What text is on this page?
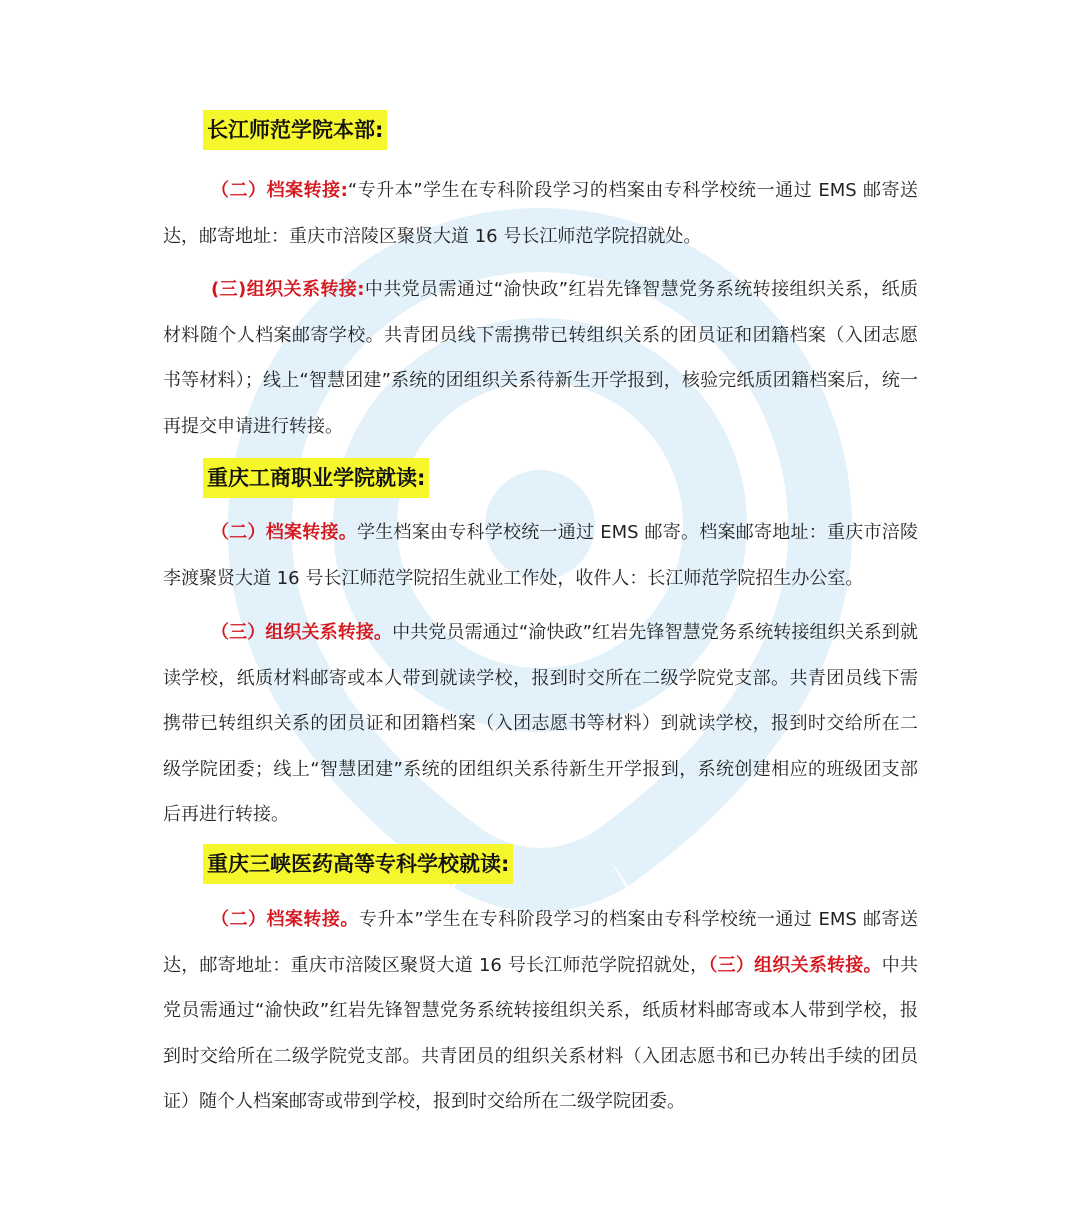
长江师范学院本部:

（二）档案转接:“专升本”学生在专科阶段学习的档案由专科学校统一通过 EMS 邮寄送达，邮寄地址：重庆市涪陵区聚贤大道 16 号长江师范学院招就处。

(三)组织关系转接:中共党员需通过“渝快政”红岩先锋智慧党务系统转接组织关系，纸质材料随个人档案邮寄学校。共青团员线下需携带已转组织关系的团员证和团籍档案（入团志愿书等材料）；线上“智慧团建”系统的团组织关系待新生开学报到，核验完纸质团籍档案后，统一再提交申请进行转接。

重庆工商职业学院就读:

（二）档案转接。学生档案由专科学校统一通过 EMS 邮寄。档案邮寄地址：重庆市涪陵李渡聚贤大道 16 号长江师范学院招生就业工作处，收件人：长江师范学院招生办公室。

（三）组织关系转接。中共党员需通过“渝快政”红岩先锋智慧党务系统转接组织关系到就读学校，纸质材料邮寄或本人带到就读学校，报到时交所在二级学院党支部。共青团员线下需携带已转组织关系的团员证和团籍档案（入团志愿书等材料）到就读学校，报到时交给所在二级学院团委；线上“智慧团建”系统的团组织关系待新生开学报到，系统创建相应的班级团支部后再进行转接。

重庆三峡医药高等专科学校就读:

（二）档案转接。专升本”学生在专科阶段学习的档案由专科学校统一通过 EMS 邮寄送达，邮寄地址：重庆市涪陵区聚贤大道 16 号长江师范学院招就处，（三）组织关系转接。中共党员需通过“渝快政”红岩先锋智慧党务系统转接组织关系，纸质材料邮寄或本人带到学校，报到时交给所在二级学院党支部。共青团员的组织关系材料（入团志愿书和已办转出手续的团员证）随个人档案邮寄或带到学校，报到时交给所在二级学院团委。
